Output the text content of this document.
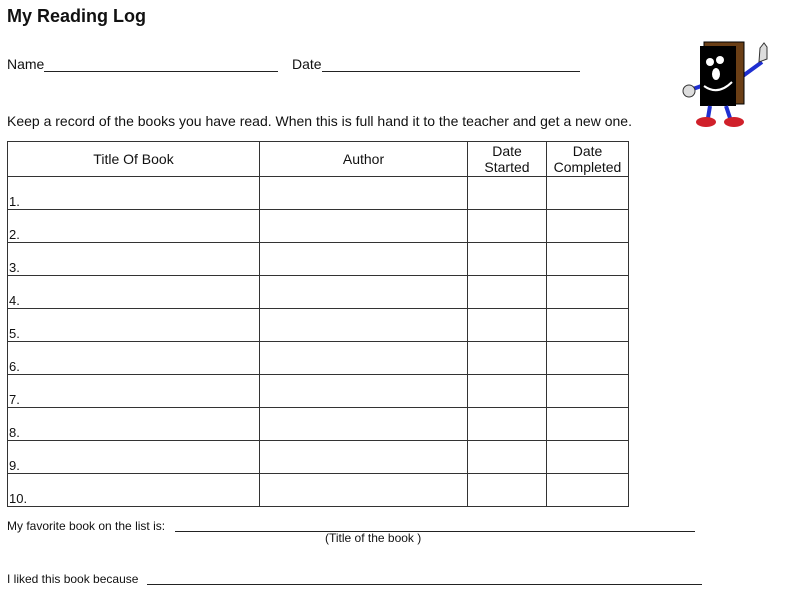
My Reading Log
Name	Date
Keep a record of the books you have read. When this is full hand it to the teacher and get a new one.
Title Of Book	Author	Date Started	Date Completed
1.			
2.			
3.			
4.			
5.			
6.			
7.			
8.			
9.			
10.			
My favorite book on the list is:
(Title of the book )
I liked this book because
